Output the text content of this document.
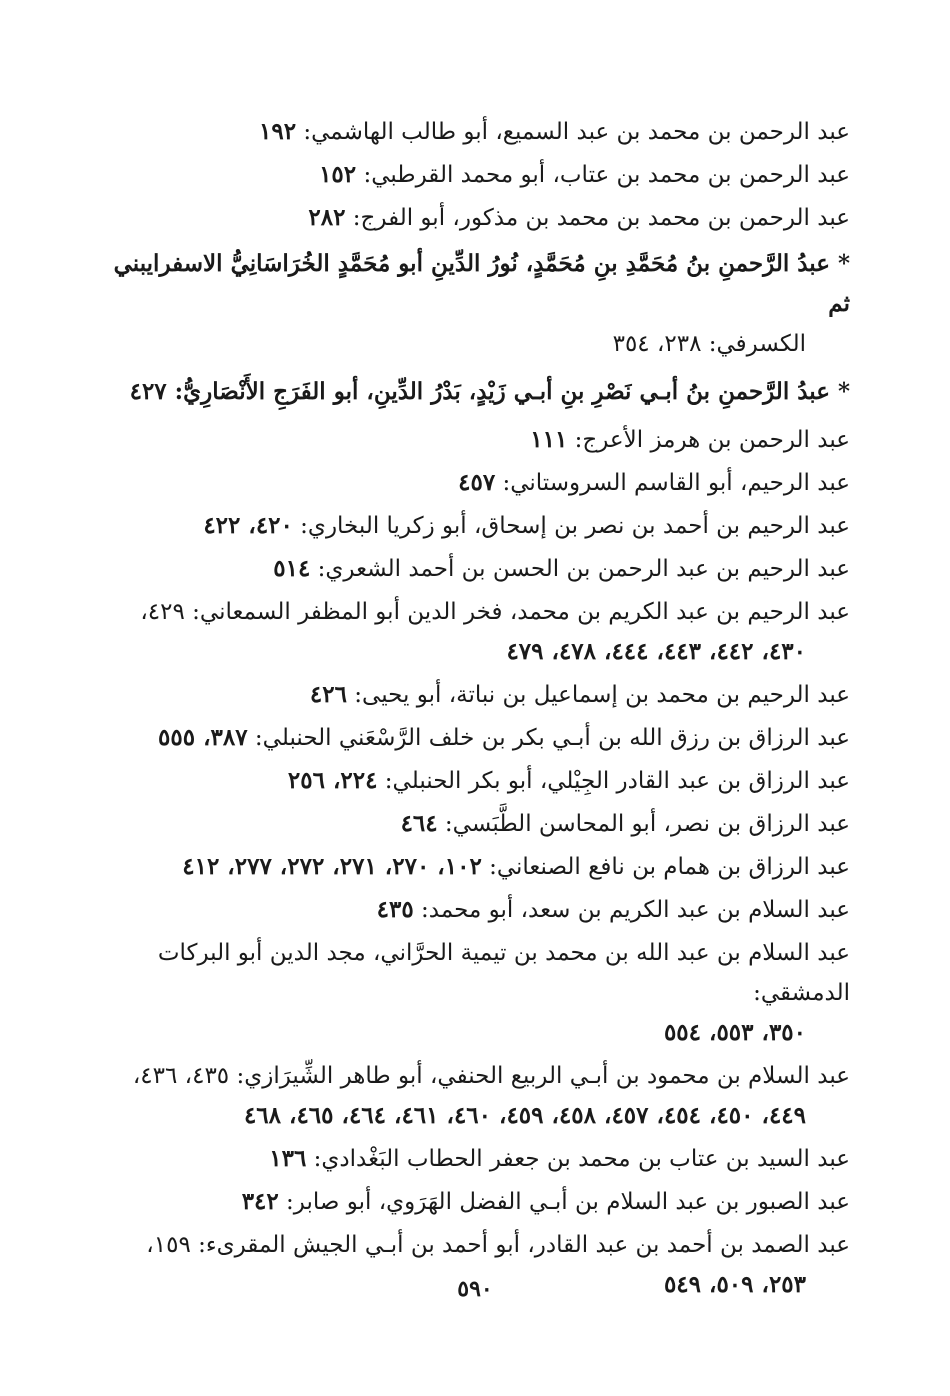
عبد الرحمن بن محمد بن عبد السميع، أبو طالب الهاشمي: ١٩٢

عبد الرحمن بن محمد بن عتاب، أبو محمد القرطبي: ١٥٢

عبد الرحمن بن محمد بن محمد بن مذكور، أبو الفرج: ٢٨٢

* عبدُ الرَّحمنِ بنُ مُحَمَّدِ بنِ مُحَمَّدٍ، نُورُ الدِّينِ أبو مُحَمَّدٍ الخُرَاسَانِيُّ الاسفرايبني ثم
الكسرفي: ٢٣٨، ٣٥٤

* عبدُ الرَّحمنِ بنُ أبـي نَصْرِ بنِ أبـي زَيْدٍ، بَدْرُ الدِّينِ، أبو الفَرَجِ الأَنْصَارِيُّ: ٤٢٧

عبد الرحمن بن هرمز الأعرج: ١١١

عبد الرحيم، أبو القاسم السروستاني: ٤٥٧

عبد الرحيم بن أحمد بن نصر بن إسحاق، أبو زكريا البخاري: ٤٢٠، ٤٢٢

عبد الرحيم بن عبد الرحمن بن الحسن بن أحمد الشعري: ٥١٤

عبد الرحيم بن عبد الكريم بن محمد، فخر الدين أبو المظفر السمعاني: ٤٢٩،
٤٣٠، ٤٤٢، ٤٤٣، ٤٤٤، ٤٧٨، ٤٧٩

عبد الرحيم بن محمد بن إسماعيل بن نباتة، أبو يحيى: ٤٢٦

عبد الرزاق بن رزق الله بن أبـي بكر بن خلف الرَّسْعَني الحنبلي: ٣٨٧، ٥٥٥

عبد الرزاق بن عبد القادر الجِيْلي، أبو بكر الحنبلي: ٢٢٤، ٢٥٦

عبد الرزاق بن نصر، أبو المحاسن الطَّبَسي: ٤٦٤

عبد الرزاق بن همام بن نافع الصنعاني: ١٠٢، ٢٧٠، ٢٧١، ٢٧٢، ٢٧٧، ٤١٢

عبد السلام بن عبد الكريم بن سعد، أبو محمد: ٤٣٥

عبد السلام بن عبد الله بن محمد بن تيمية الحرَّاني، مجد الدين أبو البركات الدمشقي:
٣٥٠، ٥٥٣، ٥٥٤

عبد السلام بن محمود بن أبـي الربيع الحنفي، أبو طاهر الشِّيرَازي: ٤٣٥، ٤٣٦،
٤٤٩، ٤٥٠، ٤٥٤، ٤٥٧، ٤٥٨، ٤٥٩، ٤٦٠، ٤٦١، ٤٦٤، ٤٦٥، ٤٦٨

عبد السيد بن عتاب بن محمد بن جعفر الحطاب البَغْدادي: ١٣٦

عبد الصبور بن عبد السلام بن أبـي الفضل الهَرَوي، أبو صابر: ٣٤٢

عبد الصمد بن أحمد بن عبد القادر، أبو أحمد بن أبـي الجيش المقرىء: ١٥٩،
٢٥٣، ٥٠٩، ٥٤٩

٥٩٠
